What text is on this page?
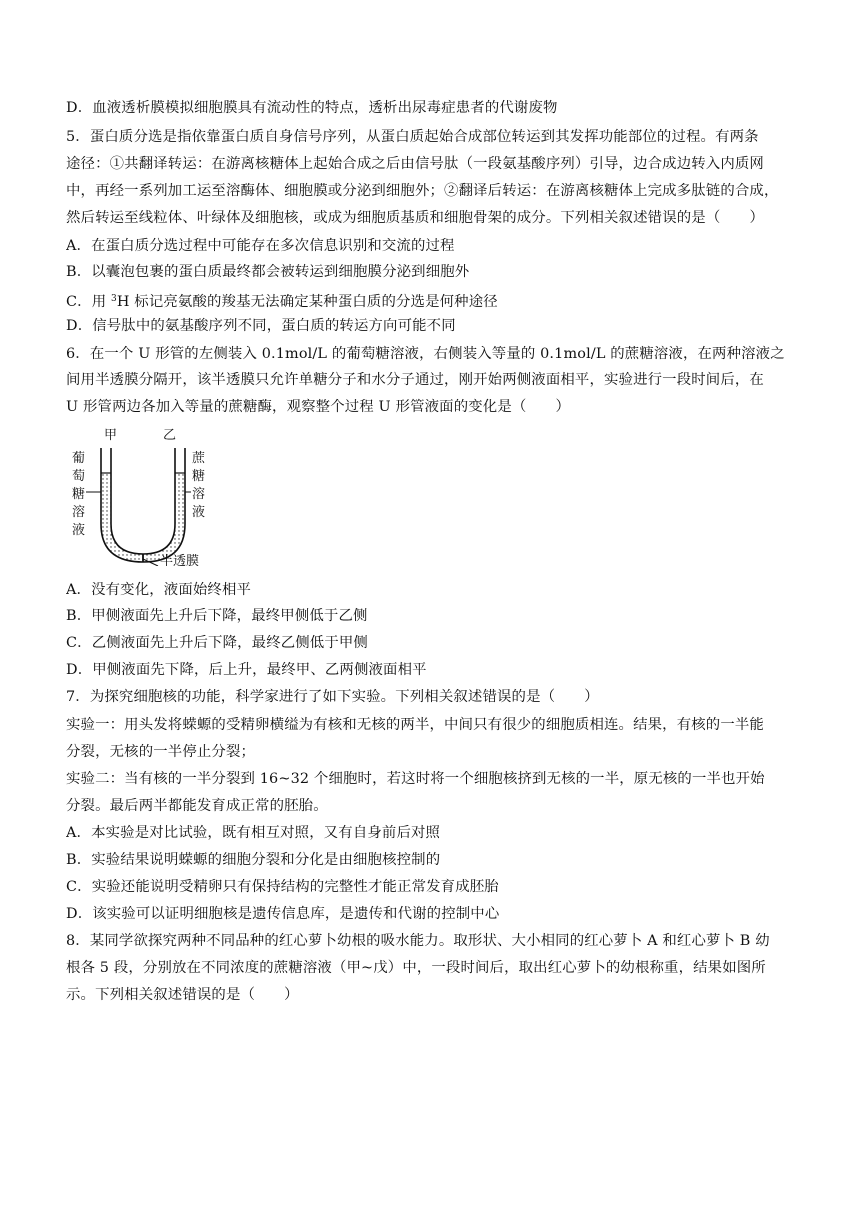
D．血液透析膜模拟细胞膜具有流动性的特点，透析出尿毒症患者的代谢废物
5．蛋白质分选是指依靠蛋白质自身信号序列，从蛋白质起始合成部位转运到其发挥功能部位的过程。有两条
途径：①共翻译转运：在游离核糖体上起始合成之后由信号肽（一段氨基酸序列）引导，边合成边转入内质网
中，再经一系列加工运至溶酶体、细胞膜或分泌到细胞外；②翻译后转运：在游离核糖体上完成多肽链的合成，
然后转运至线粒体、叶绿体及细胞核，或成为细胞质基质和细胞骨架的成分。下列相关叙述错误的是（　　）
A．在蛋白质分选过程中可能存在多次信息识别和交流的过程
B．以囊泡包裹的蛋白质最终都会被转运到细胞膜分泌到细胞外
C．用 $^3$H 标记亮氨酸的羧基无法确定某种蛋白质的分选是何种途径
D．信号肽中的氨基酸序列不同，蛋白质的转运方向可能不同
6．在一个 U 形管的左侧装入 0.1mol/L 的葡萄糖溶液，右侧装入等量的 0.1mol/L 的蔗糖溶液，在两种溶液之
间用半透膜分隔开，该半透膜只允许单糖分子和水分子通过，刚开始两侧液面相平，实验进行一段时间后，在
U 形管两边各加入等量的蔗糖酶，观察整个过程 U 形管液面的变化是（　　）
甲	乙
葡
萄
糖
溶
液
蔗
糖
溶
液
半透膜
A．没有变化，液面始终相平
B．甲侧液面先上升后下降，最终甲侧低于乙侧
C．乙侧液面先上升后下降，最终乙侧低于甲侧
D．甲侧液面先下降，后上升，最终甲、乙两侧液面相平
7．为探究细胞核的功能，科学家进行了如下实验。下列相关叙述错误的是（　　）
实验一：用头发将蝾螈的受精卵横缢为有核和无核的两半，中间只有很少的细胞质相连。结果，有核的一半能
分裂，无核的一半停止分裂；
实验二：当有核的一半分裂到 16~32 个细胞时，若这时将一个细胞核挤到无核的一半，原无核的一半也开始
分裂。最后两半都能发育成正常的胚胎。
A．本实验是对比试验，既有相互对照，又有自身前后对照
B．实验结果说明蝾螈的细胞分裂和分化是由细胞核控制的
C．实验还能说明受精卵只有保持结构的完整性才能正常发育成胚胎
D．该实验可以证明细胞核是遗传信息库，是遗传和代谢的控制中心
8．某同学欲探究两种不同品种的红心萝卜幼根的吸水能力。取形状、大小相同的红心萝卜 A 和红心萝卜 B 幼
根各 5 段，分别放在不同浓度的蔗糖溶液（甲~戊）中，一段时间后，取出红心萝卜的幼根称重，结果如图所
示。下列相关叙述错误的是（　　）
